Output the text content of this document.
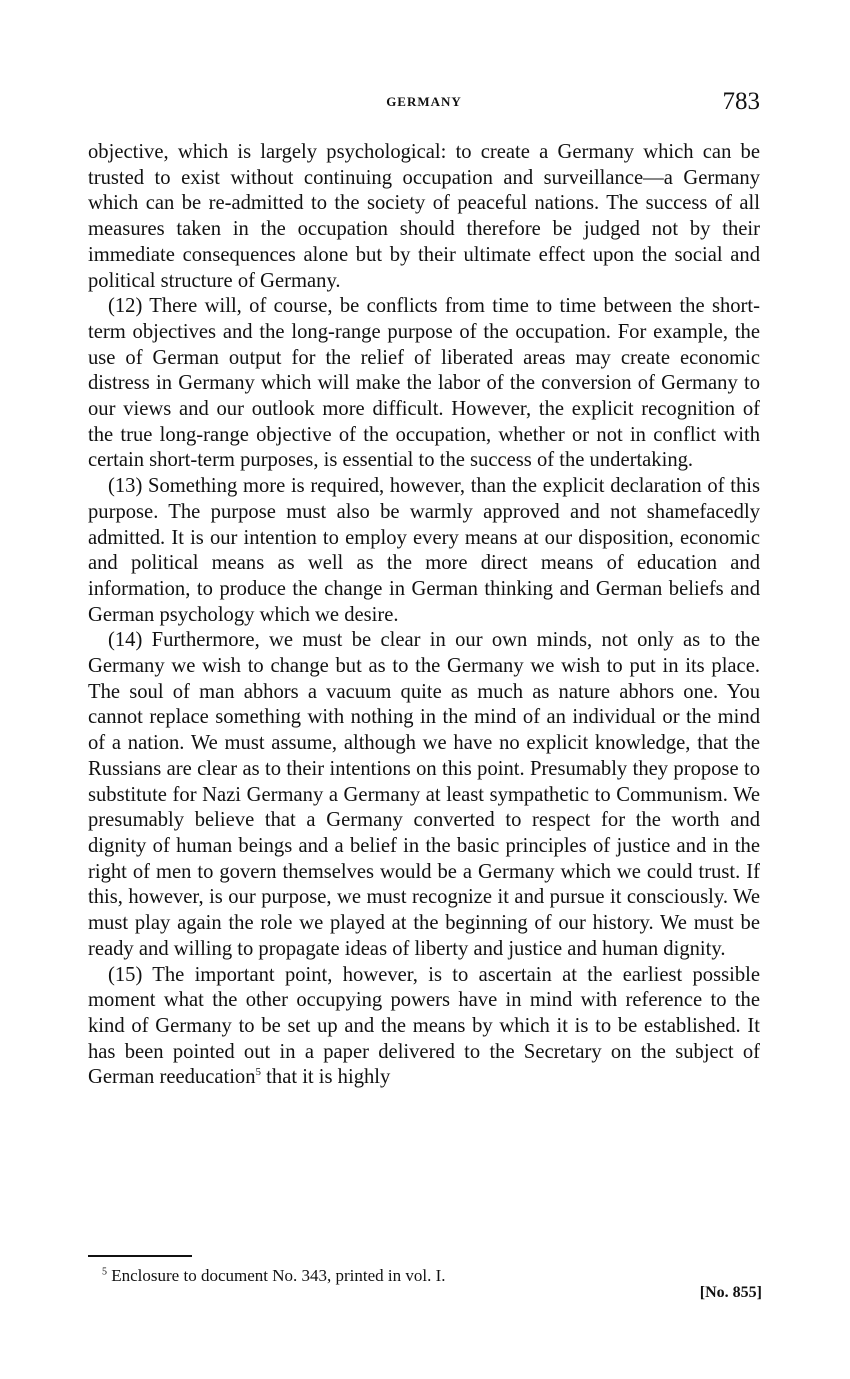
GERMANY	783

objective, which is largely psychological: to create a Germany which can be trusted to exist without continuing occupation and surveillance—a Germany which can be re-admitted to the society of peaceful nations. The success of all measures taken in the occupation should therefore be judged not by their immediate consequences alone but by their ultimate effect upon the social and political structure of Germany.

(12) There will, of course, be conflicts from time to time between the short-term objectives and the long-range purpose of the occupation. For example, the use of German output for the relief of liberated areas may create economic distress in Germany which will make the labor of the conversion of Germany to our views and our outlook more difficult. However, the explicit recognition of the true long-range objective of the occupation, whether or not in conflict with certain short-term purposes, is essential to the success of the undertaking.

(13) Something more is required, however, than the explicit declaration of this purpose. The purpose must also be warmly approved and not shamefacedly admitted. It is our intention to employ every means at our disposition, economic and political means as well as the more direct means of education and information, to produce the change in German thinking and German beliefs and German psychology which we desire.

(14) Furthermore, we must be clear in our own minds, not only as to the Germany we wish to change but as to the Germany we wish to put in its place. The soul of man abhors a vacuum quite as much as nature abhors one. You cannot replace something with nothing in the mind of an individual or the mind of a nation. We must assume, although we have no explicit knowledge, that the Russians are clear as to their intentions on this point. Presumably they propose to substitute for Nazi Germany a Germany at least sympathetic to Communism. We presumably believe that a Germany converted to respect for the worth and dignity of human beings and a belief in the basic principles of justice and in the right of men to govern themselves would be a Germany which we could trust. If this, however, is our purpose, we must recognize it and pursue it consciously. We must play again the role we played at the beginning of our history. We must be ready and willing to propagate ideas of liberty and justice and human dignity.

(15) The important point, however, is to ascertain at the earliest possible moment what the other occupying powers have in mind with reference to the kind of Germany to be set up and the means by which it is to be established. It has been pointed out in a paper delivered to the Secretary on the subject of German reeducation$^5$ that it is highly

$^5$ Enclosure to document No. 343, printed in vol. I.
[No. 855]
